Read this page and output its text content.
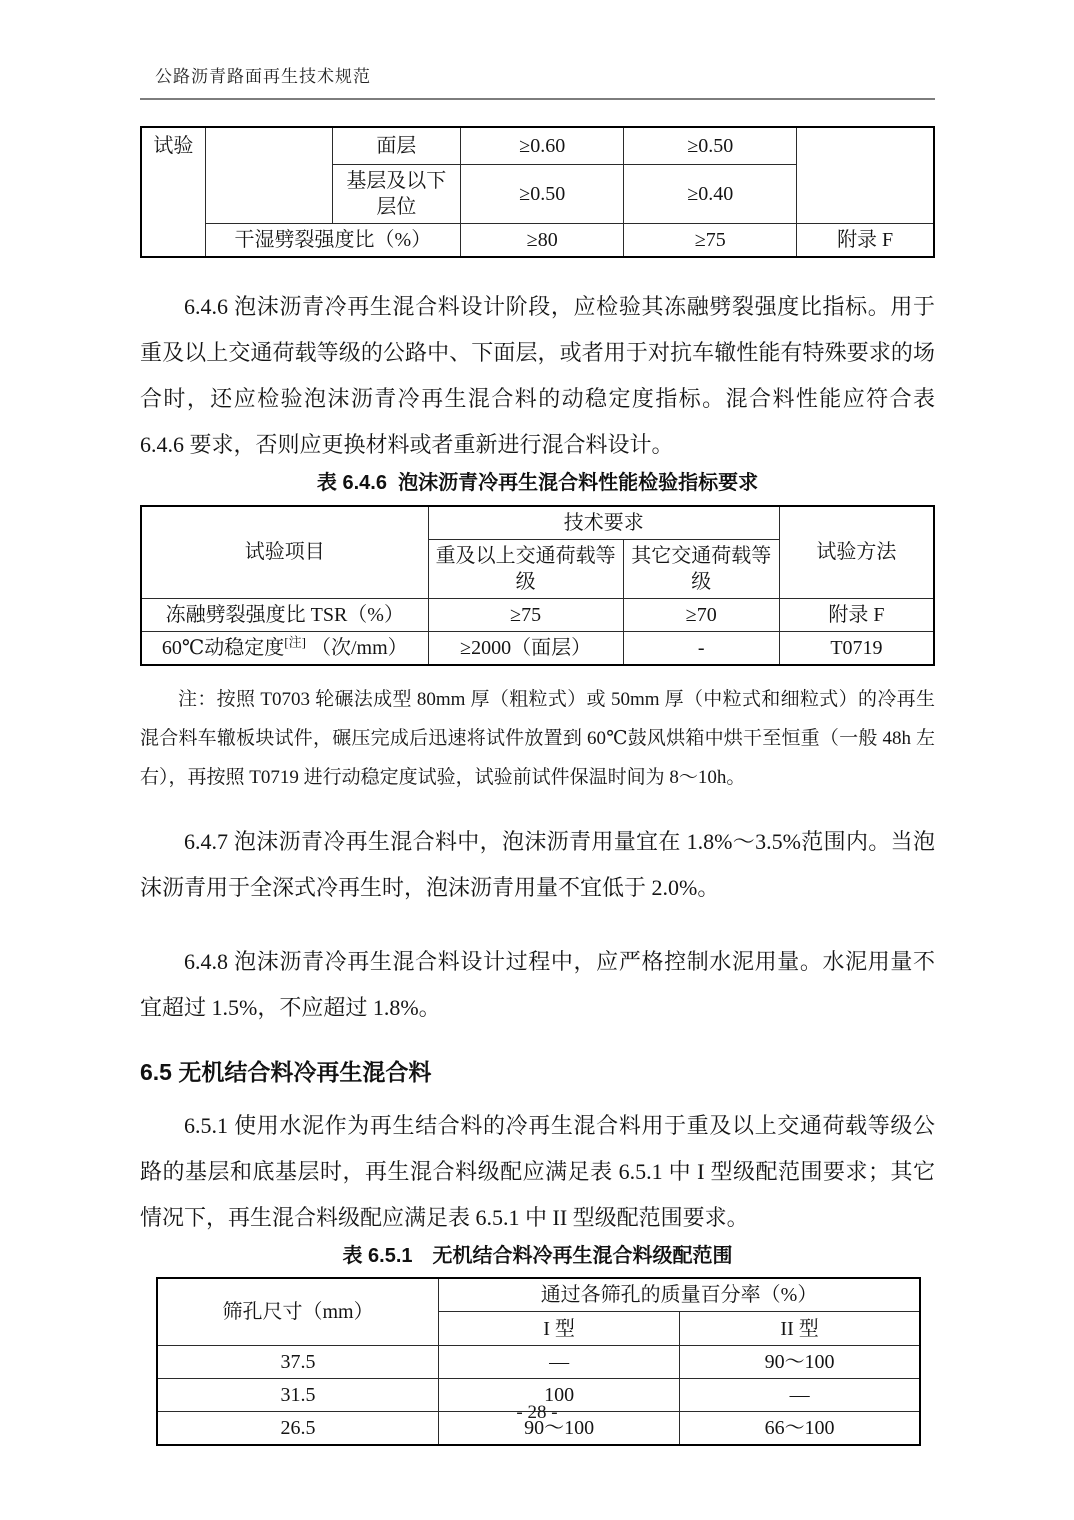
公路沥青路面再生技术规范
试验		面层	≥0.60	≥0.50	
		基层及以下层位	≥0.50	≥0.40	
	干湿劈裂强度比（%）		≥80	≥75	附录 F

6.4.6 泡沫沥青冷再生混合料设计阶段，应检验其冻融劈裂强度比指标。用于重及以上交通荷载等级的公路中、下面层，或者用于对抗车辙性能有特殊要求的场合时，还应检验泡沫沥青冷再生混合料的动稳定度指标。混合料性能应符合表 6.4.6 要求，否则应更换材料或者重新进行混合料设计。

表 6.4.6  泡沫沥青冷再生混合料性能检验指标要求
试验项目	技术要求		试验方法
	重及以上交通荷载等级	其它交通荷载等级	
冻融劈裂强度比 TSR（%）	≥75	≥70	附录 F
60℃动稳定度[注] （次/mm）	≥2000（面层）	-	T0719

注：按照 T0703 轮碾法成型 80mm 厚（粗粒式）或 50mm 厚（中粒式和细粒式）的冷再生混合料车辙板块试件，碾压完成后迅速将试件放置到 60℃鼓风烘箱中烘干至恒重（一般 48h 左右），再按照 T0719 进行动稳定度试验，试验前试件保温时间为 8～10h。

6.4.7 泡沫沥青冷再生混合料中，泡沫沥青用量宜在 1.8%～3.5%范围内。当泡沫沥青用于全深式冷再生时，泡沫沥青用量不宜低于 2.0%。

6.4.8 泡沫沥青冷再生混合料设计过程中，应严格控制水泥用量。水泥用量不宜超过 1.5%，不应超过 1.8%。

6.5 无机结合料冷再生混合料

6.5.1 使用水泥作为再生结合料的冷再生混合料用于重及以上交通荷载等级公路的基层和底基层时，再生混合料级配应满足表 6.5.1 中 I 型级配范围要求；其它情况下，再生混合料级配应满足表 6.5.1 中 II 型级配范围要求。

表 6.5.1　无机结合料冷再生混合料级配范围
筛孔尺寸（mm）	通过各筛孔的质量百分率（%）	
	I 型	II 型
37.5	—	90～100
31.5	100	—
26.5	90～100	66～100
- 28 -
